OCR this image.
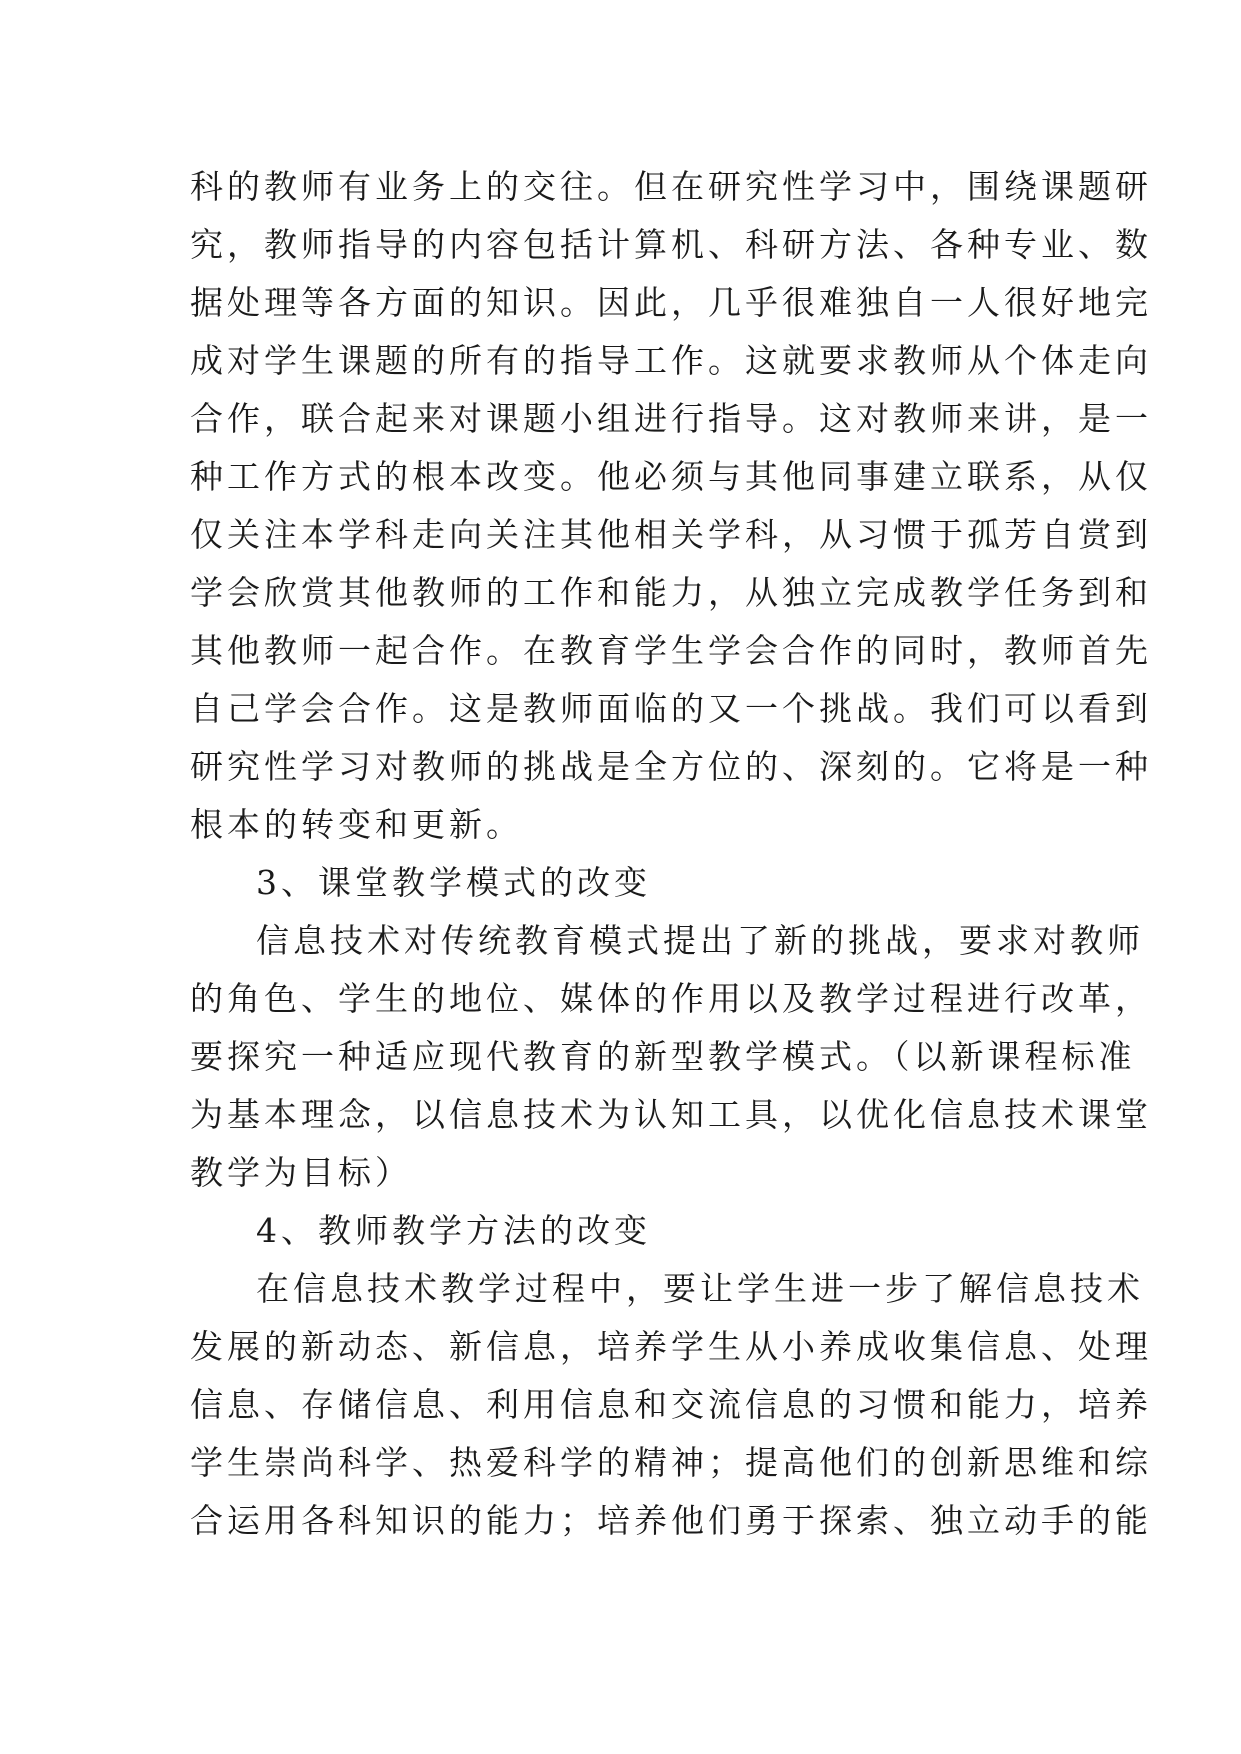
科的教师有业务上的交往。但在研究性学习中，围绕课题研
究，教师指导的内容包括计算机、科研方法、各种专业、数
据处理等各方面的知识。因此，几乎很难独自一人很好地完
成对学生课题的所有的指导工作。这就要求教师从个体走向
合作，联合起来对课题小组进行指导。这对教师来讲，是一
种工作方式的根本改变。他必须与其他同事建立联系，从仅
仅关注本学科走向关注其他相关学科，从习惯于孤芳自赏到
学会欣赏其他教师的工作和能力，从独立完成教学任务到和
其他教师一起合作。在教育学生学会合作的同时，教师首先
自己学会合作。这是教师面临的又一个挑战。我们可以看到
研究性学习对教师的挑战是全方位的、深刻的。它将是一种
根本的转变和更新。
3、课堂教学模式的改变
信息技术对传统教育模式提出了新的挑战，要求对教师
的角色、学生的地位、媒体的作用以及教学过程进行改革，
要探究一种适应现代教育的新型教学模式。（以新课程标准
为基本理念，以信息技术为认知工具，以优化信息技术课堂
教学为目标）
4、教师教学方法的改变
在信息技术教学过程中，要让学生进一步了解信息技术
发展的新动态、新信息，培养学生从小养成收集信息、处理
信息、存储信息、利用信息和交流信息的习惯和能力，培养
学生崇尚科学、热爱科学的精神；提高他们的创新思维和综
合运用各科知识的能力；培养他们勇于探索、独立动手的能
